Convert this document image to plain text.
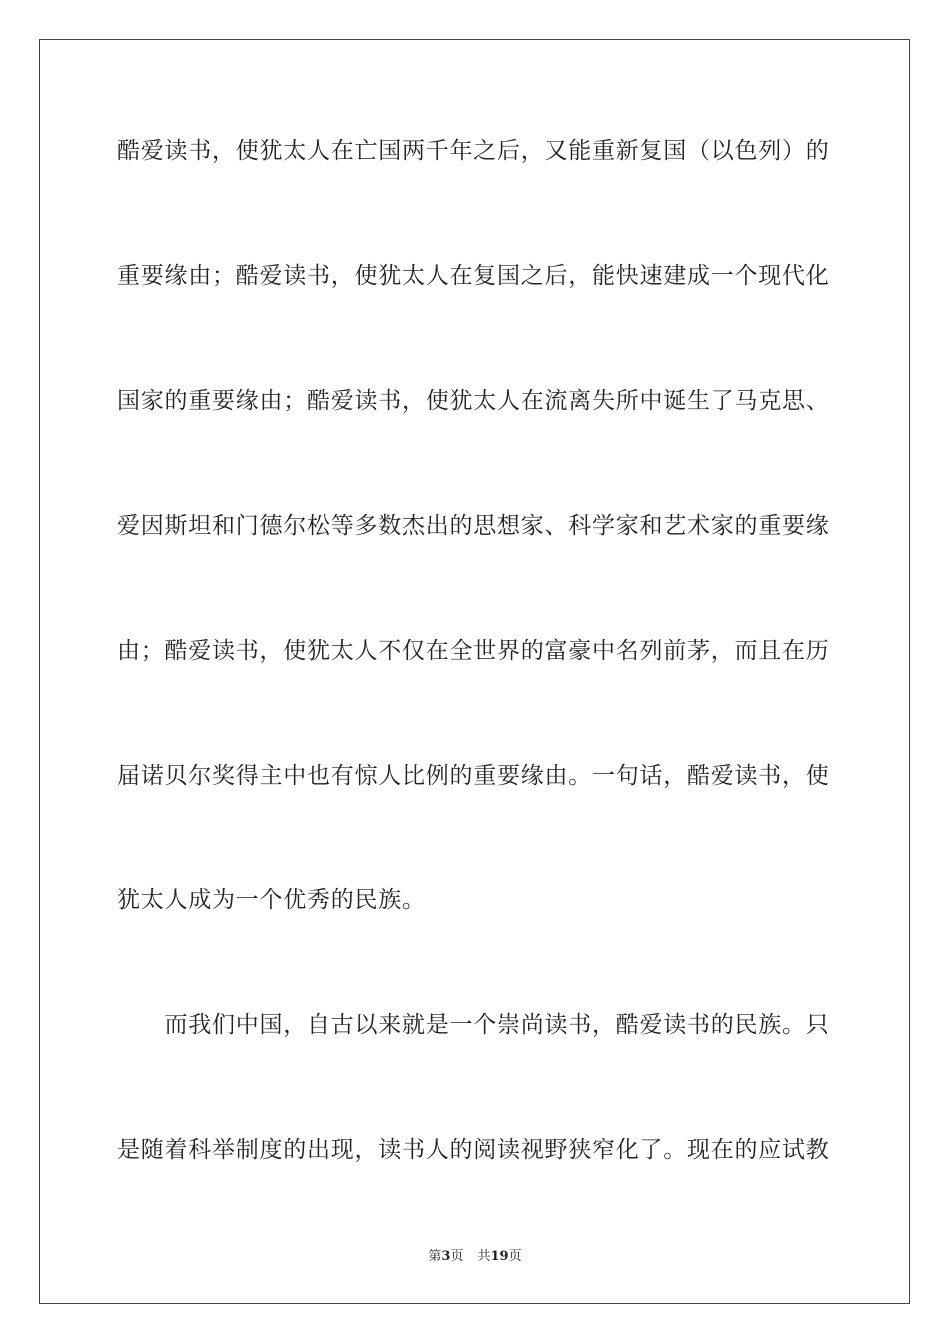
酷爱读书，使犹太人在亡国两千年之后，又能重新复国（以色列）的
重要缘由；酷爱读书，使犹太人在复国之后，能快速建成一个现代化
国家的重要缘由；酷爱读书，使犹太人在流离失所中诞生了马克思、
爱因斯坦和门德尔松等多数杰出的思想家、科学家和艺术家的重要缘
由；酷爱读书，使犹太人不仅在全世界的富豪中名列前茅，而且在历
届诺贝尔奖得主中也有惊人比例的重要缘由。一句话，酷爱读书，使
犹太人成为一个优秀的民族。
　　而我们中国，自古以来就是一个崇尚读书，酷爱读书的民族。只
是随着科举制度的出现，读书人的阅读视野狭窄化了。现在的应试教
第3页 共19页
